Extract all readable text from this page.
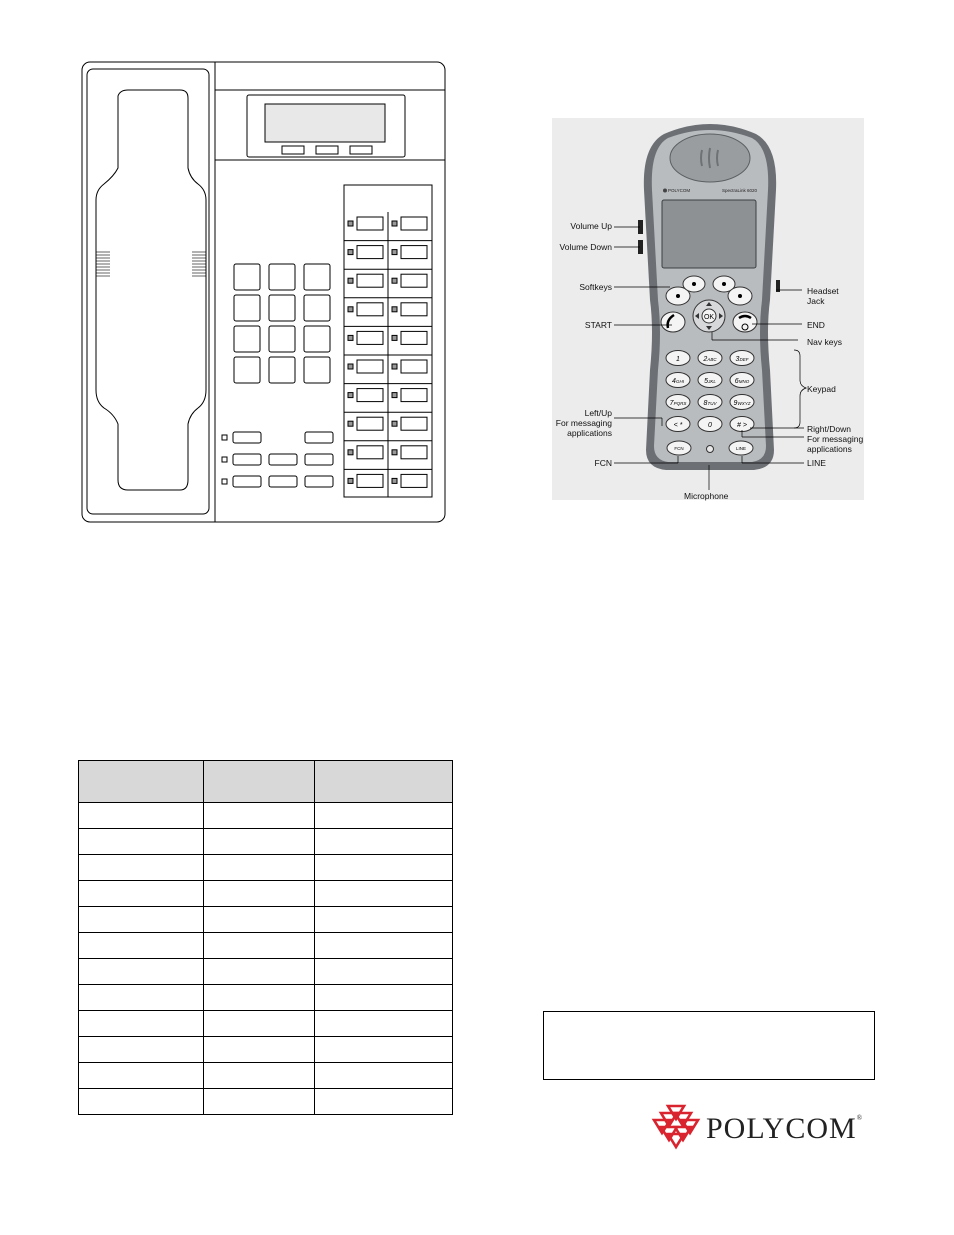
POLYCOM	SpectraLink 6020
OK
1	2ABC	3DEF
4GHI	5JKL	6MNO
7PQRS 8TUV 9WXYZ
< *	0	# >
FCN	LINE
Volume Up
Volume Down
Softkeys
START
Left/Up
For messaging
applications
FCN
Headset
Jack
END
Nav keys
Keypad
Right/Down
For messaging
applications
LINE
Microphone

POLYCOM®
